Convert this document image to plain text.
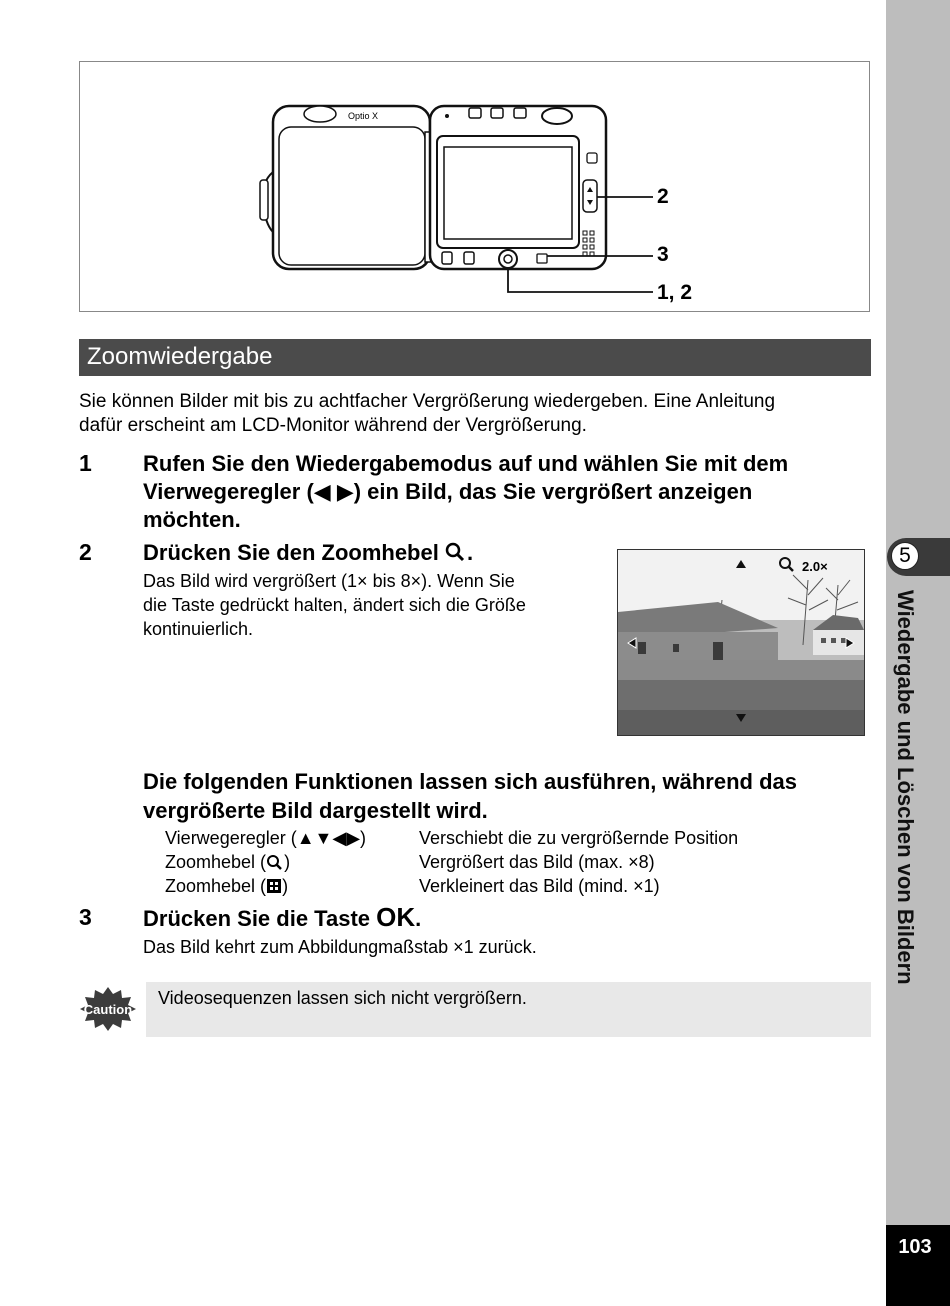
5
Wiedergabe und Löschen von Bildern
103
Optio X
2
3
1, 2
Zoomwiedergabe
Sie können Bilder mit bis zu achtfacher Vergrößerung wiedergeben. Eine Anleitung
dafür erscheint am LCD-Monitor während der Vergrößerung.
1 Rufen Sie den Wiedergabemodus auf und wählen Sie mit dem
Vierwegeregler (◀ ▶) ein Bild, das Sie vergrößert anzeigen
möchten.
2 Drücken Sie den Zoomhebel .
Das Bild wird vergrößert (1× bis 8×). Wenn Sie
die Taste gedrückt halten, ändert sich die Größe
kontinuierlich.
2.0×
Die folgenden Funktionen lassen sich ausführen, während das
vergrößerte Bild dargestellt wird.
Vierwegeregler (▲▼◀▶)	Verschiebt die zu vergrößernde Position
Zoomhebel ( )	Vergrößert das Bild (max. ×8)
Zoomhebel ( )	Verkleinert das Bild (mind. ×1)
3 Drücken Sie die Taste OK.
Das Bild kehrt zum Abbildungmaßstab ×1 zurück.
Caution
Videosequenzen lassen sich nicht vergrößern.
